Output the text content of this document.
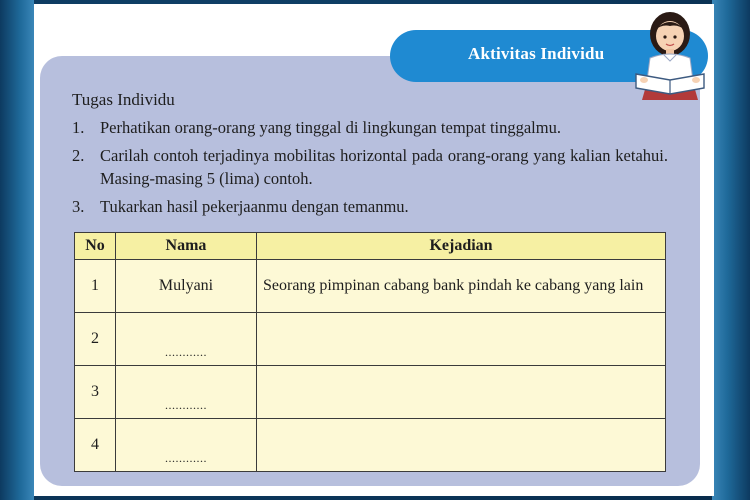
Aktivitas Individu
Tugas Individu
1. Perhatikan orang-orang yang tinggal di lingkungan tempat tinggalmu.
2. Carilah contoh terjadinya mobilitas horizontal pada orang-orang yang kalian ketahui. Masing-masing 5 (lima) contoh.
3. Tukarkan hasil pekerjaanmu dengan temanmu.
No	Nama	Kejadian
1	Mulyani	Seorang pimpinan cabang bank pindah ke cabang yang lain
2	............	
3	............	
4	............	
